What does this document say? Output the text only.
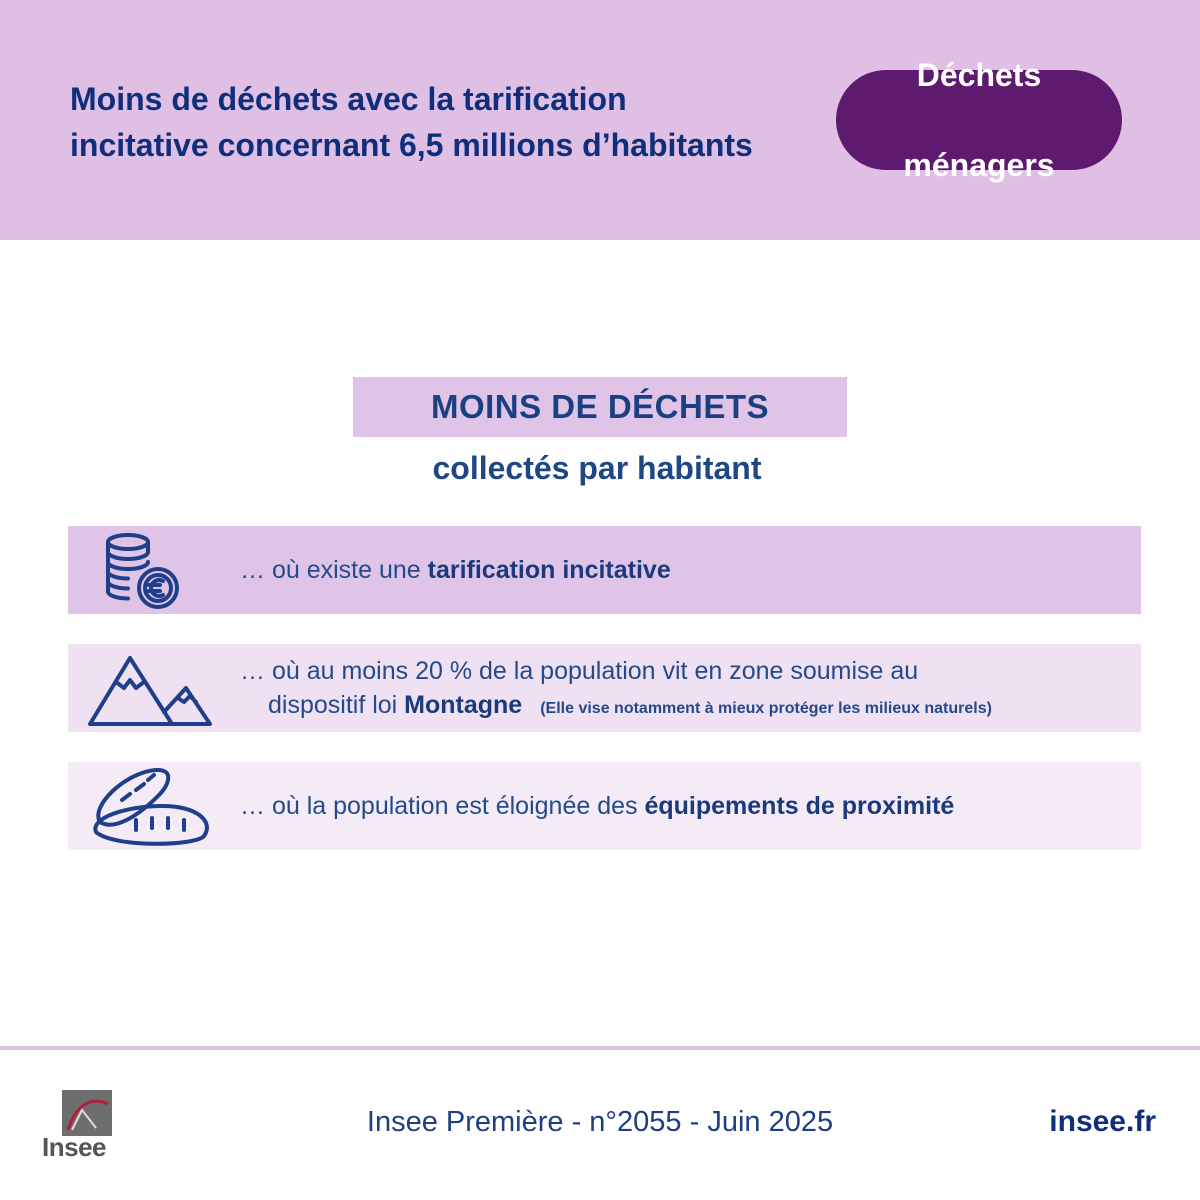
Moins de déchets avec la tarification
incitative concernant 6,5 millions d’habitants
Déchets

ménagers
MOINS DE DÉCHETS
collectés par habitant
… où existe une tarification incitative
… où au moins 20 % de la population vit en zone soumise au
dispositif loi Montagne (Elle vise notamment à mieux protéger les milieux naturels)
… où la population est éloignée des équipements de proximité
Insee
Insee Première - n°2055 - Juin 2025	insee.fr
